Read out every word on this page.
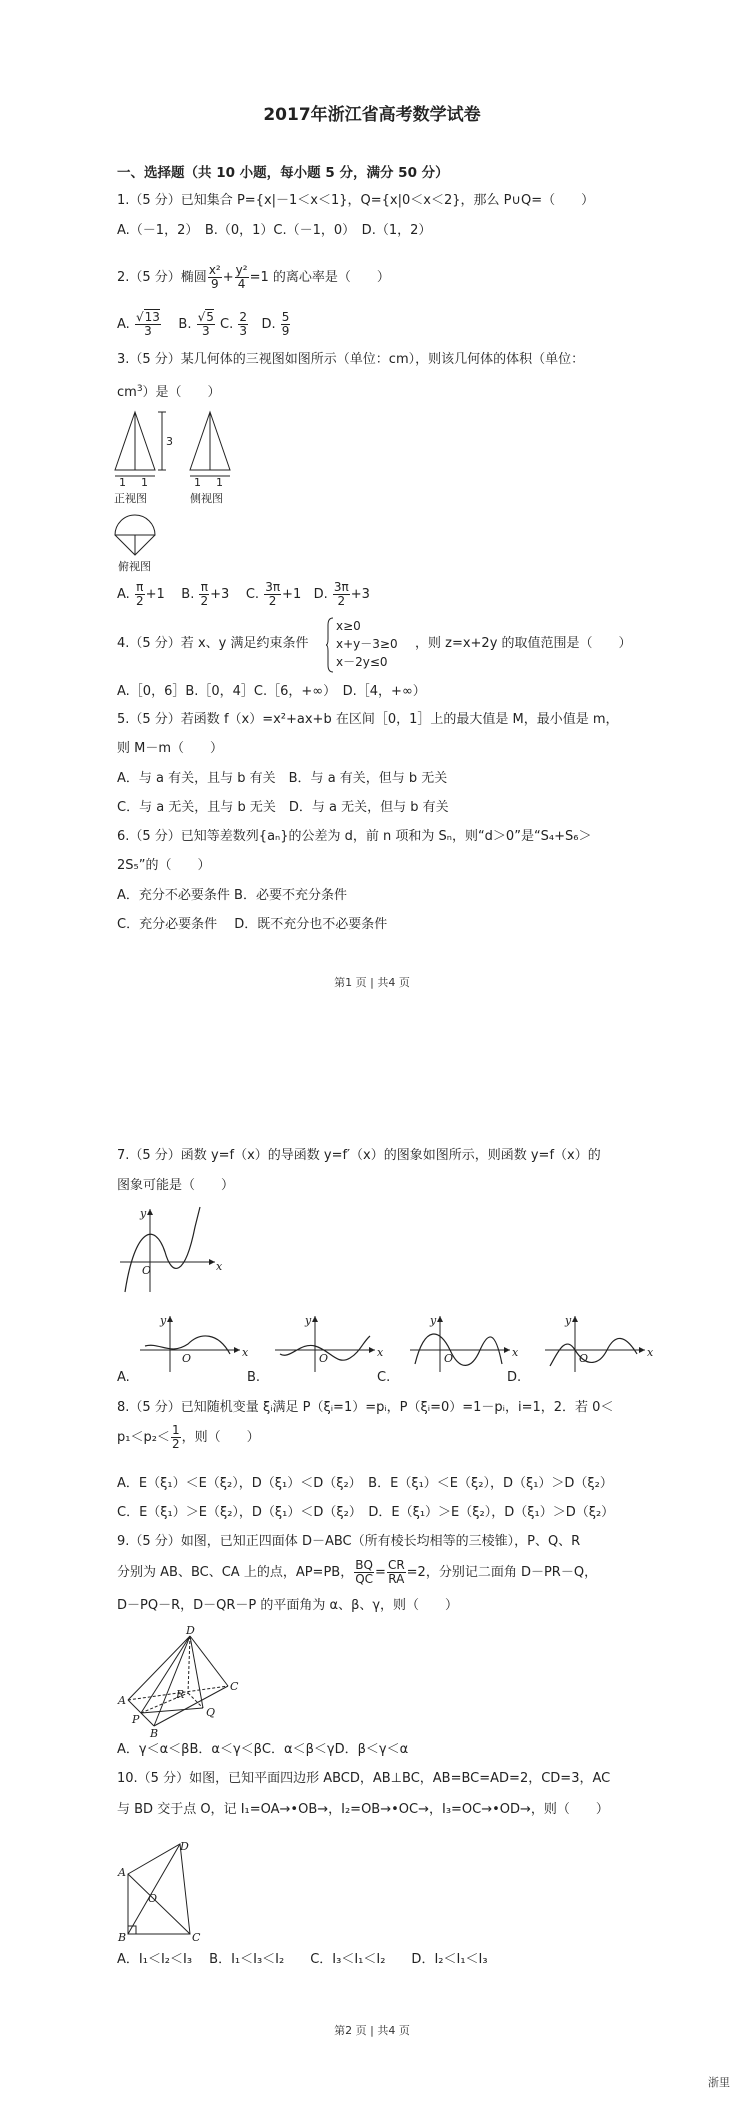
2017年浙江省高考数学试卷
一、选择题（共 10 小题，每小题 5 分，满分 50 分）
1.（5 分）已知集合 P={x|－1＜x＜1}，Q={x|0＜x＜2}，那么 P∪Q=（　　）
A.（－1，2）　B.（0，1）C.（－1，0）　D.（1，2）
2.（5 分）椭圆 $\frac{\text{x²}}{9} + \frac{\text{y²}}{4} =1$ 的离心率是（　　）
A. $\frac{√13}{3} B$. $\frac{√5}{3} C$. $\frac{2}{3} D$. $\frac{5}{9}$
3.（5 分）某几何体的三视图如图所示（单位：cm），则该几何体的体积（单位：
$cm^3$）是（　　）
3
1 1
正视图
1 1
侧视图
俯视图
A. $\frac{\pi}{2} +1$ B. $\frac{\pi}{2} +3$ C. $\frac{3\pi}{2} +1$ D. $\frac{3\pi}{2} +3$
4.（5 分）若 x、y 满足约束条件
x≥0
x+y－3≥0
x－2y≤0
，则 z=x+2y 的取值范围是（　　）
A.［0，6］B.［0，4］C.［6，+∞）　D.［4，+∞）
5.（5 分）若函数 f（x）=x²+ax+b 在区间［0，1］上的最大值是 M，最小值是 m，
则 M－m（　　）
A．与 a 有关，且与 b 有关　B．与 a 有关，但与 b 无关
C．与 a 无关，且与 b 无关　D．与 a 无关，但与 b 有关
6.（5 分）已知等差数列{aₙ}的公差为 d，前 n 项和为 Sₙ，则“d＞0”是“S₄+S₆＞
2S₅”的（　　）
A．充分不必要条件 B．必要不充分条件
C．充分必要条件　 D．既不充分也不必要条件
第1 页 | 共4 页
7.（5 分）函数 y=f（x）的导函数 y=f′（x）的图象如图所示，则函数 y=f（x）的
图象可能是（　　）
x
y
O
x
y
O	x
y
O	x
y
O	x
y
O
A.	B.	C.	D.
8.（5 分）已知随机变量 ξᵢ满足 P（ξᵢ=1）=pᵢ，P（ξᵢ=0）=1－pᵢ，i=1，2．若 0＜
$p_1<p_2< \frac{1}{2}$ ，则（　　）
A．E（ξ₁）＜E（ξ₂），D（ξ₁）＜D（ξ₂）　B．E（ξ₁）＜E（ξ₂），D（ξ₁）＞D（ξ₂）
C．E（ξ₁）＞E（ξ₂），D（ξ₁）＜D（ξ₂）　D．E（ξ₁）＞E（ξ₂），D（ξ₁）＞D（ξ₂）
9.（5 分）如图，已知正四面体 D－ABC（所有棱长均相等的三棱锥），P、Q、R
分别为 AB、BC、CA 上的点，AP=PB， $\frac{BQ}{QC} = \frac{CR}{RA} =2$，分别记二面角 D－PR－Q，
D－PQ－R，D－QR－P 的平面角为 α、β、γ，则（　　）
D
A
C
R
P
Q
B
A．γ＜α＜βB．α＜γ＜βC．α＜β＜γD．β＜γ＜α
10.（5 分）如图，已知平面四边形 ABCD，AB⊥BC，AB=BC=AD=2，CD=3，AC
与 BD 交于点 O，记 I₁=OA→•OB→，I₂=OB→•OC→，I₃=OC→•OD→，则（　　）
A
D
O
B	C
A．I₁＜I₂＜I₃　 B．I₁＜I₃＜I₂　　C．I₃＜I₁＜I₂　　D．I₂＜I₁＜I₃
第2 页 | 共4 页
浙里
